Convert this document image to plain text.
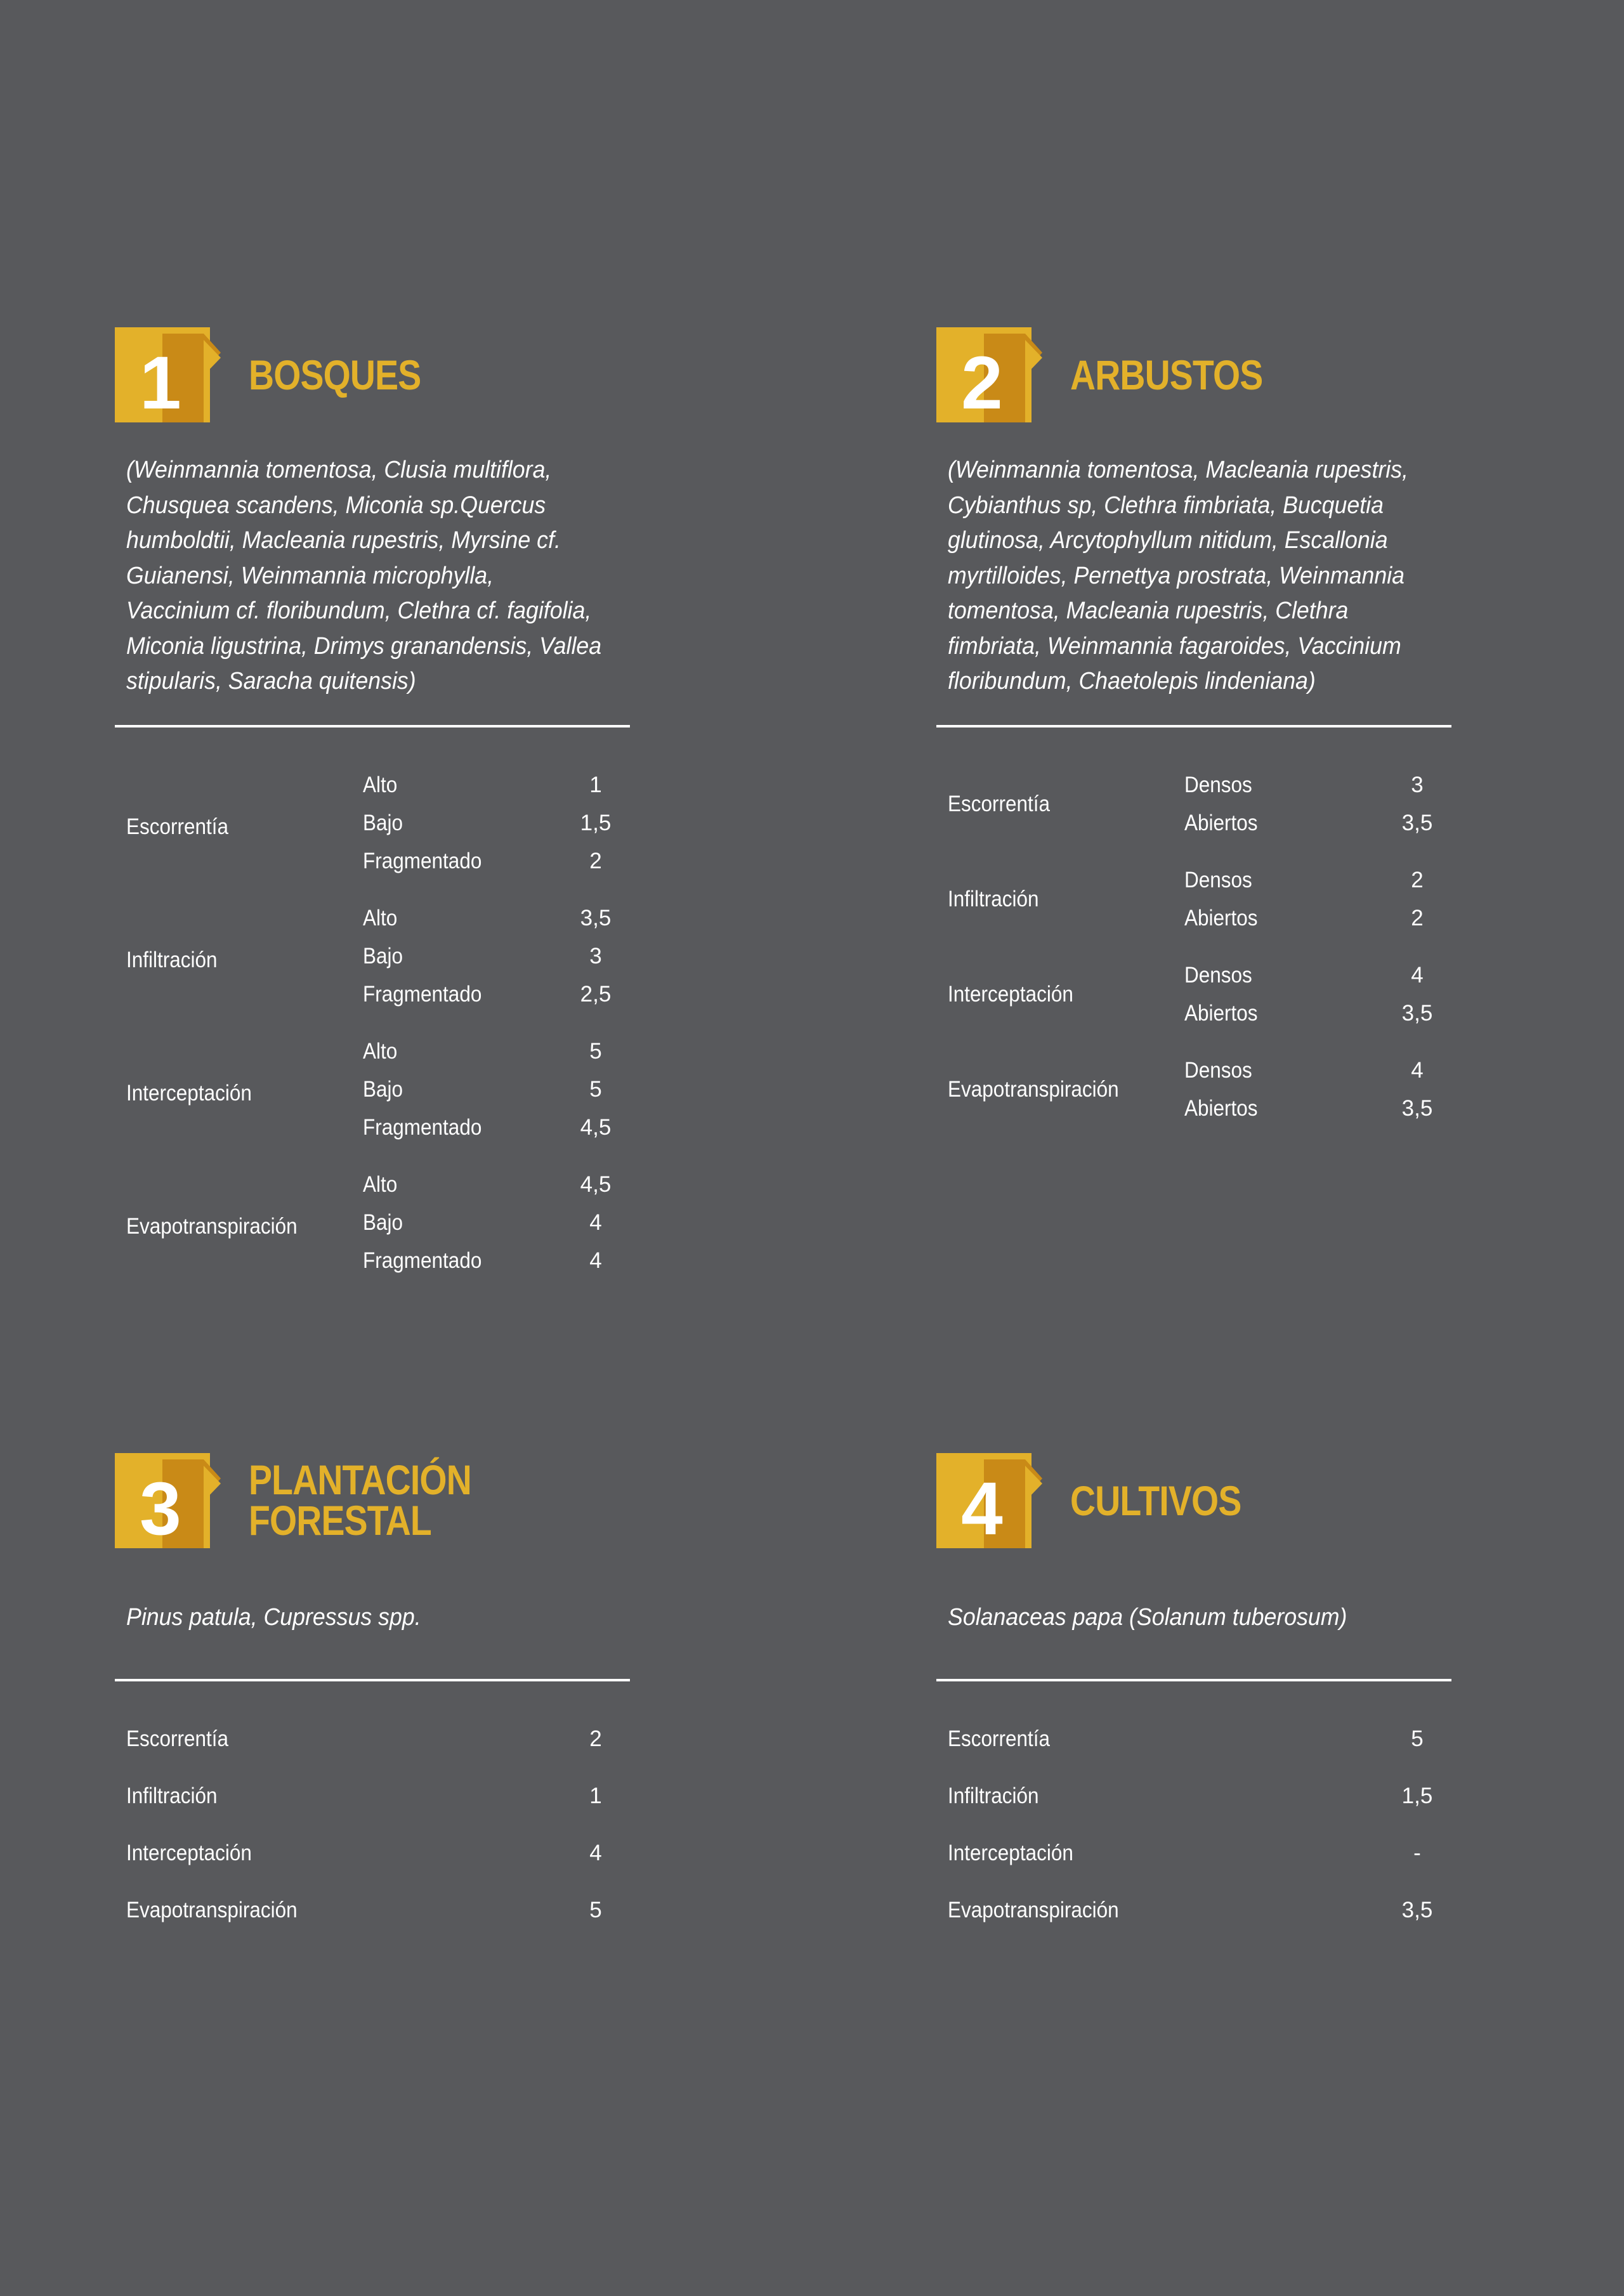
1 BOSQUES
(Weinmannia tomentosa, Clusia multiflora, Chusquea scandens, Miconia sp.Quercus humboldtii, Macleania rupestris, Myrsine cf. Guianensi, Weinmannia microphylla, Vaccinium cf. floribundum, Clethra cf. fagifolia, Miconia ligustrina, Drimys granandensis, Vallea stipularis, Saracha quitensis)
Escorrentía
Alto	1
Bajo	1,5
Fragmentado	2
Infiltración
Alto	3,5
Bajo	3
Fragmentado	2,5
Interceptación
Alto	5
Bajo	5
Fragmentado	4,5
Evapotranspiración
Alto	4,5
Bajo	4
Fragmentado	4
2 ARBUSTOS
(Weinmannia tomentosa, Macleania rupestris, Cybianthus sp, Clethra fimbriata, Bucquetia glutinosa, Arcytophyllum nitidum, Escallonia myrtilloides, Pernettya prostrata, Weinmannia tomentosa, Macleania rupestris, Clethra fimbriata, Weinmannia fagaroides, Vaccinium floribundum, Chaetolepis lindeniana)
Escorrentía
Densos	3
Abiertos	3,5
Infiltración
Densos	2
Abiertos	2
Interceptación
Densos	4
Abiertos	3,5
Evapotranspiración
Densos	4
Abiertos	3,5
3 PLANTACIÓN
FORESTAL
Pinus patula, Cupressus spp.
Escorrentía	2
Infiltración	1
Interceptación	4
Evapotranspiración	5
4 CULTIVOS
Solanaceas papa (Solanum tuberosum)
Escorrentía	5
Infiltración	1,5
Interceptación	-
Evapotranspiración	3,5
